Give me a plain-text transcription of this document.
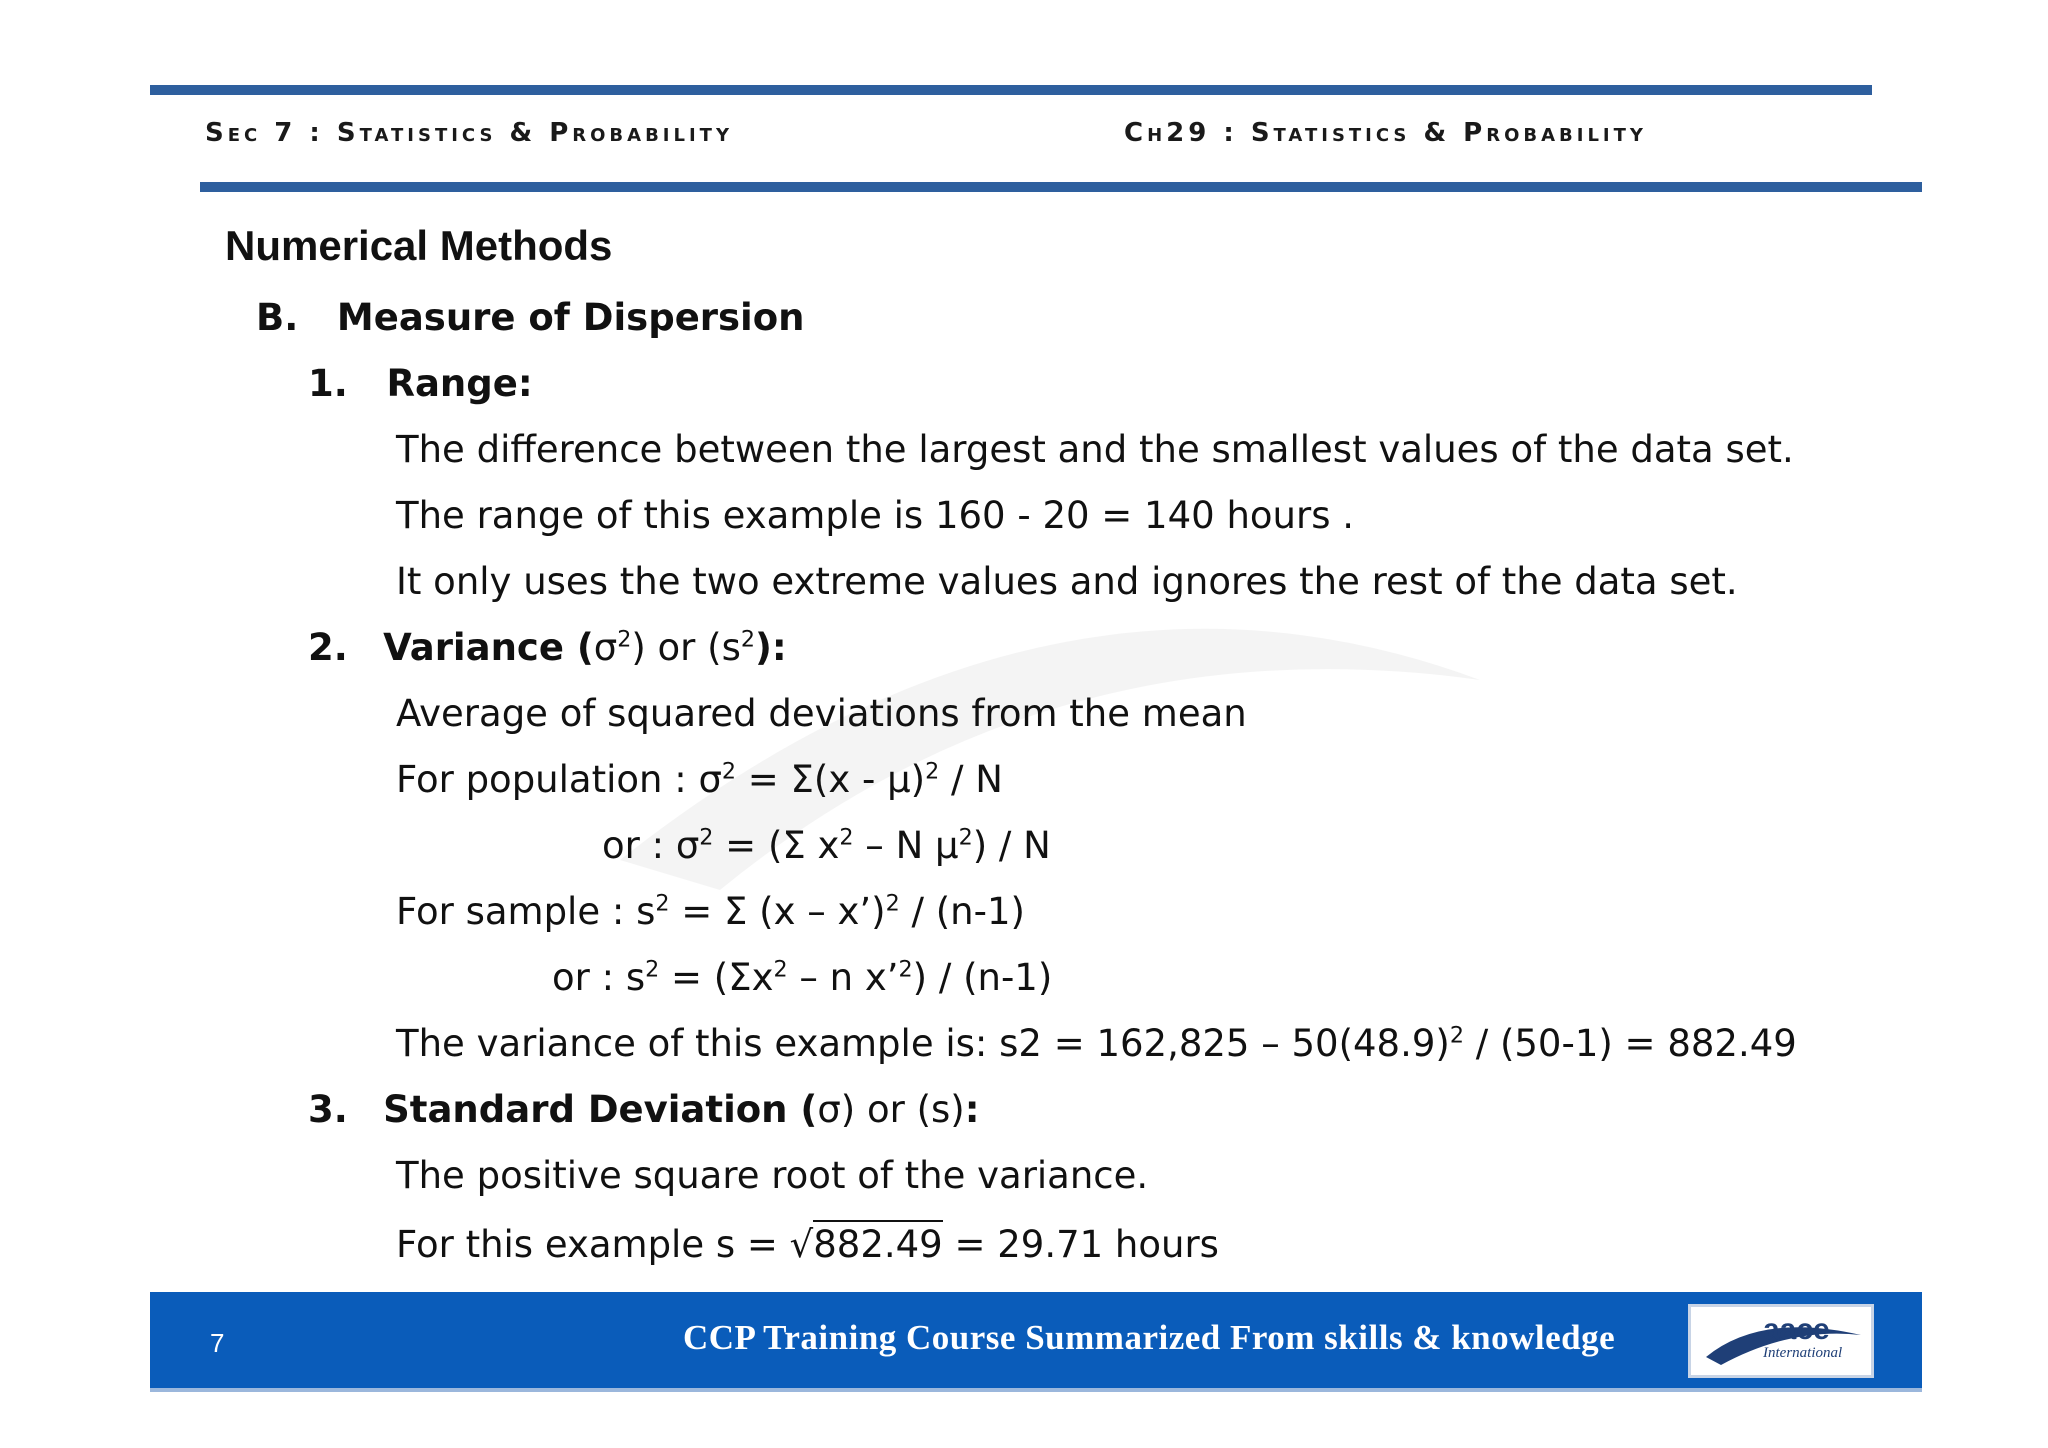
Sec 7 : Statistics & Probability	Ch29 : Statistics & Probability
Numerical Methods
B. Measure of Dispersion
1. Range:
The difference between the largest and the smallest values of the data set.
The range of this example is 160 - 20 = 140 hours .
It only uses the two extreme values and ignores the rest of the data set.
2. Variance $(\sigma^2)$ or $(s^2)$:
Average of squared deviations from the mean
For population : $\sigma^2 = \Sigma(x - \mu)^2 / N$
or : $\sigma^2 = (\Sigma$ $x^2$ – N $\mu^2$) / N
For sample : $s^2 = \Sigma$ (x – x’)$^2$ / (n-1)
or : $s^2 = (\Sigma x^2 - n$ x’$^2$) / (n-1)
The variance of this example is: $s2 = 162,825 - 50(48.9)^2 / (50-1) = 882.49$
3. Standard Deviation (σ) or (s):
The positive square root of the variance.
For this example s = √882.49 = 29.71 hours
7	CCP Training Course Summarized From skills & knowledge	aace
International
